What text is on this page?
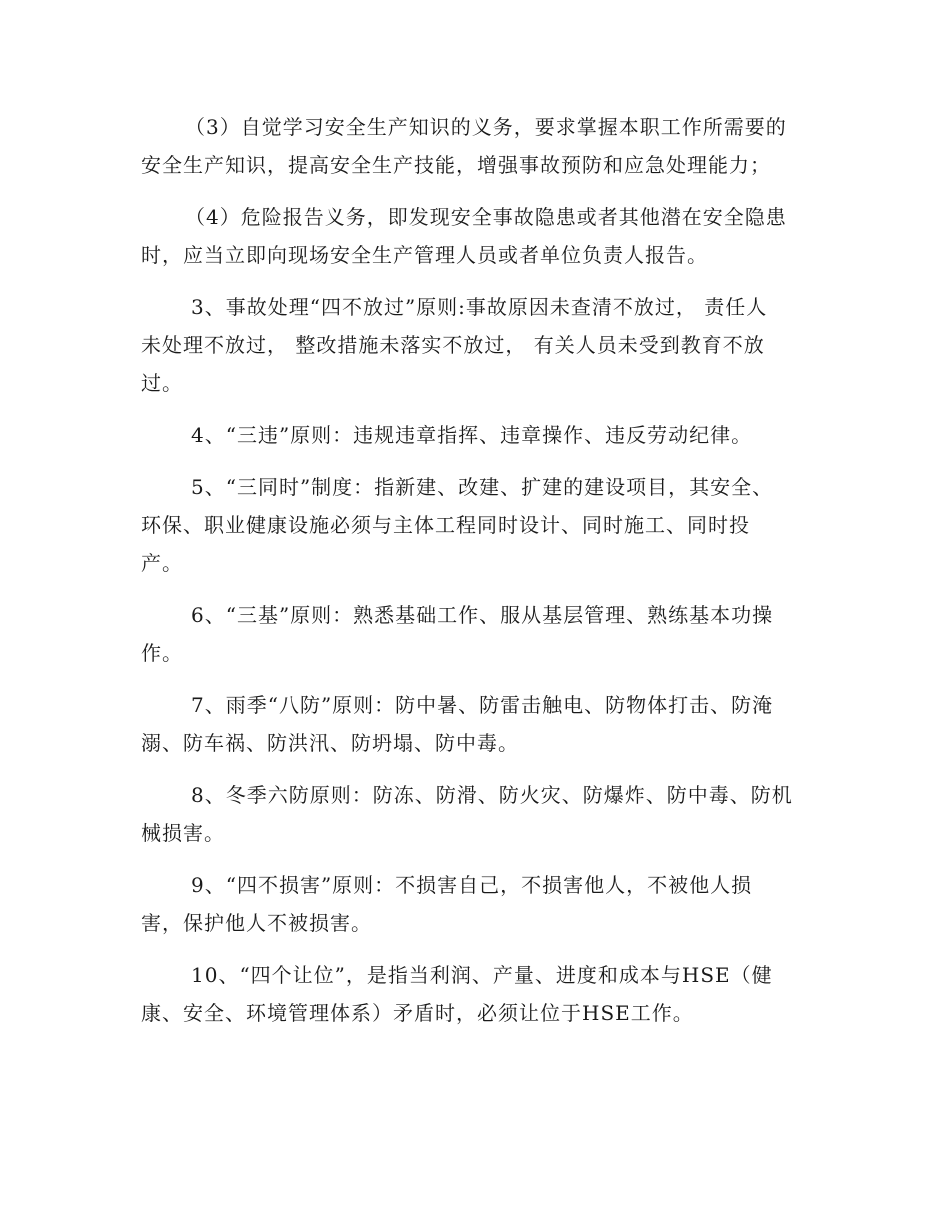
（3）自觉学习安全生产知识的义务，要求掌握本职工作所需要的
安全生产知识，提高安全生产技能，增强事故预防和应急处理能力；

（4）危险报告义务，即发现安全事故隐患或者其他潜在安全隐患
时，应当立即向现场安全生产管理人员或者单位负责人报告。

3、事故处理“四不放过”原则:事故原因未查清不放过， 责任人
未处理不放过， 整改措施未落实不放过， 有关人员未受到教育不放
过。

4、“三违”原则：违规违章指挥、违章操作、违反劳动纪律。

5、“三同时”制度：指新建、改建、扩建的建设项目，其安全、
环保、职业健康设施必须与主体工程同时设计、同时施工、同时投
产。

6、“三基”原则：熟悉基础工作、服从基层管理、熟练基本功操
作。

7、雨季“八防”原则：防中暑、防雷击触电、防物体打击、防淹
溺、防车祸、防洪汛、防坍塌、防中毒。

8、冬季六防原则：防冻、防滑、防火灾、防爆炸、防中毒、防机
械损害。

9、“四不损害”原则：不损害自己，不损害他人，不被他人损
害，保护他人不被损害。

10、“四个让位”，是指当利润、产量、进度和成本与HSE（健
康、安全、环境管理体系）矛盾时，必须让位于HSE工作。
